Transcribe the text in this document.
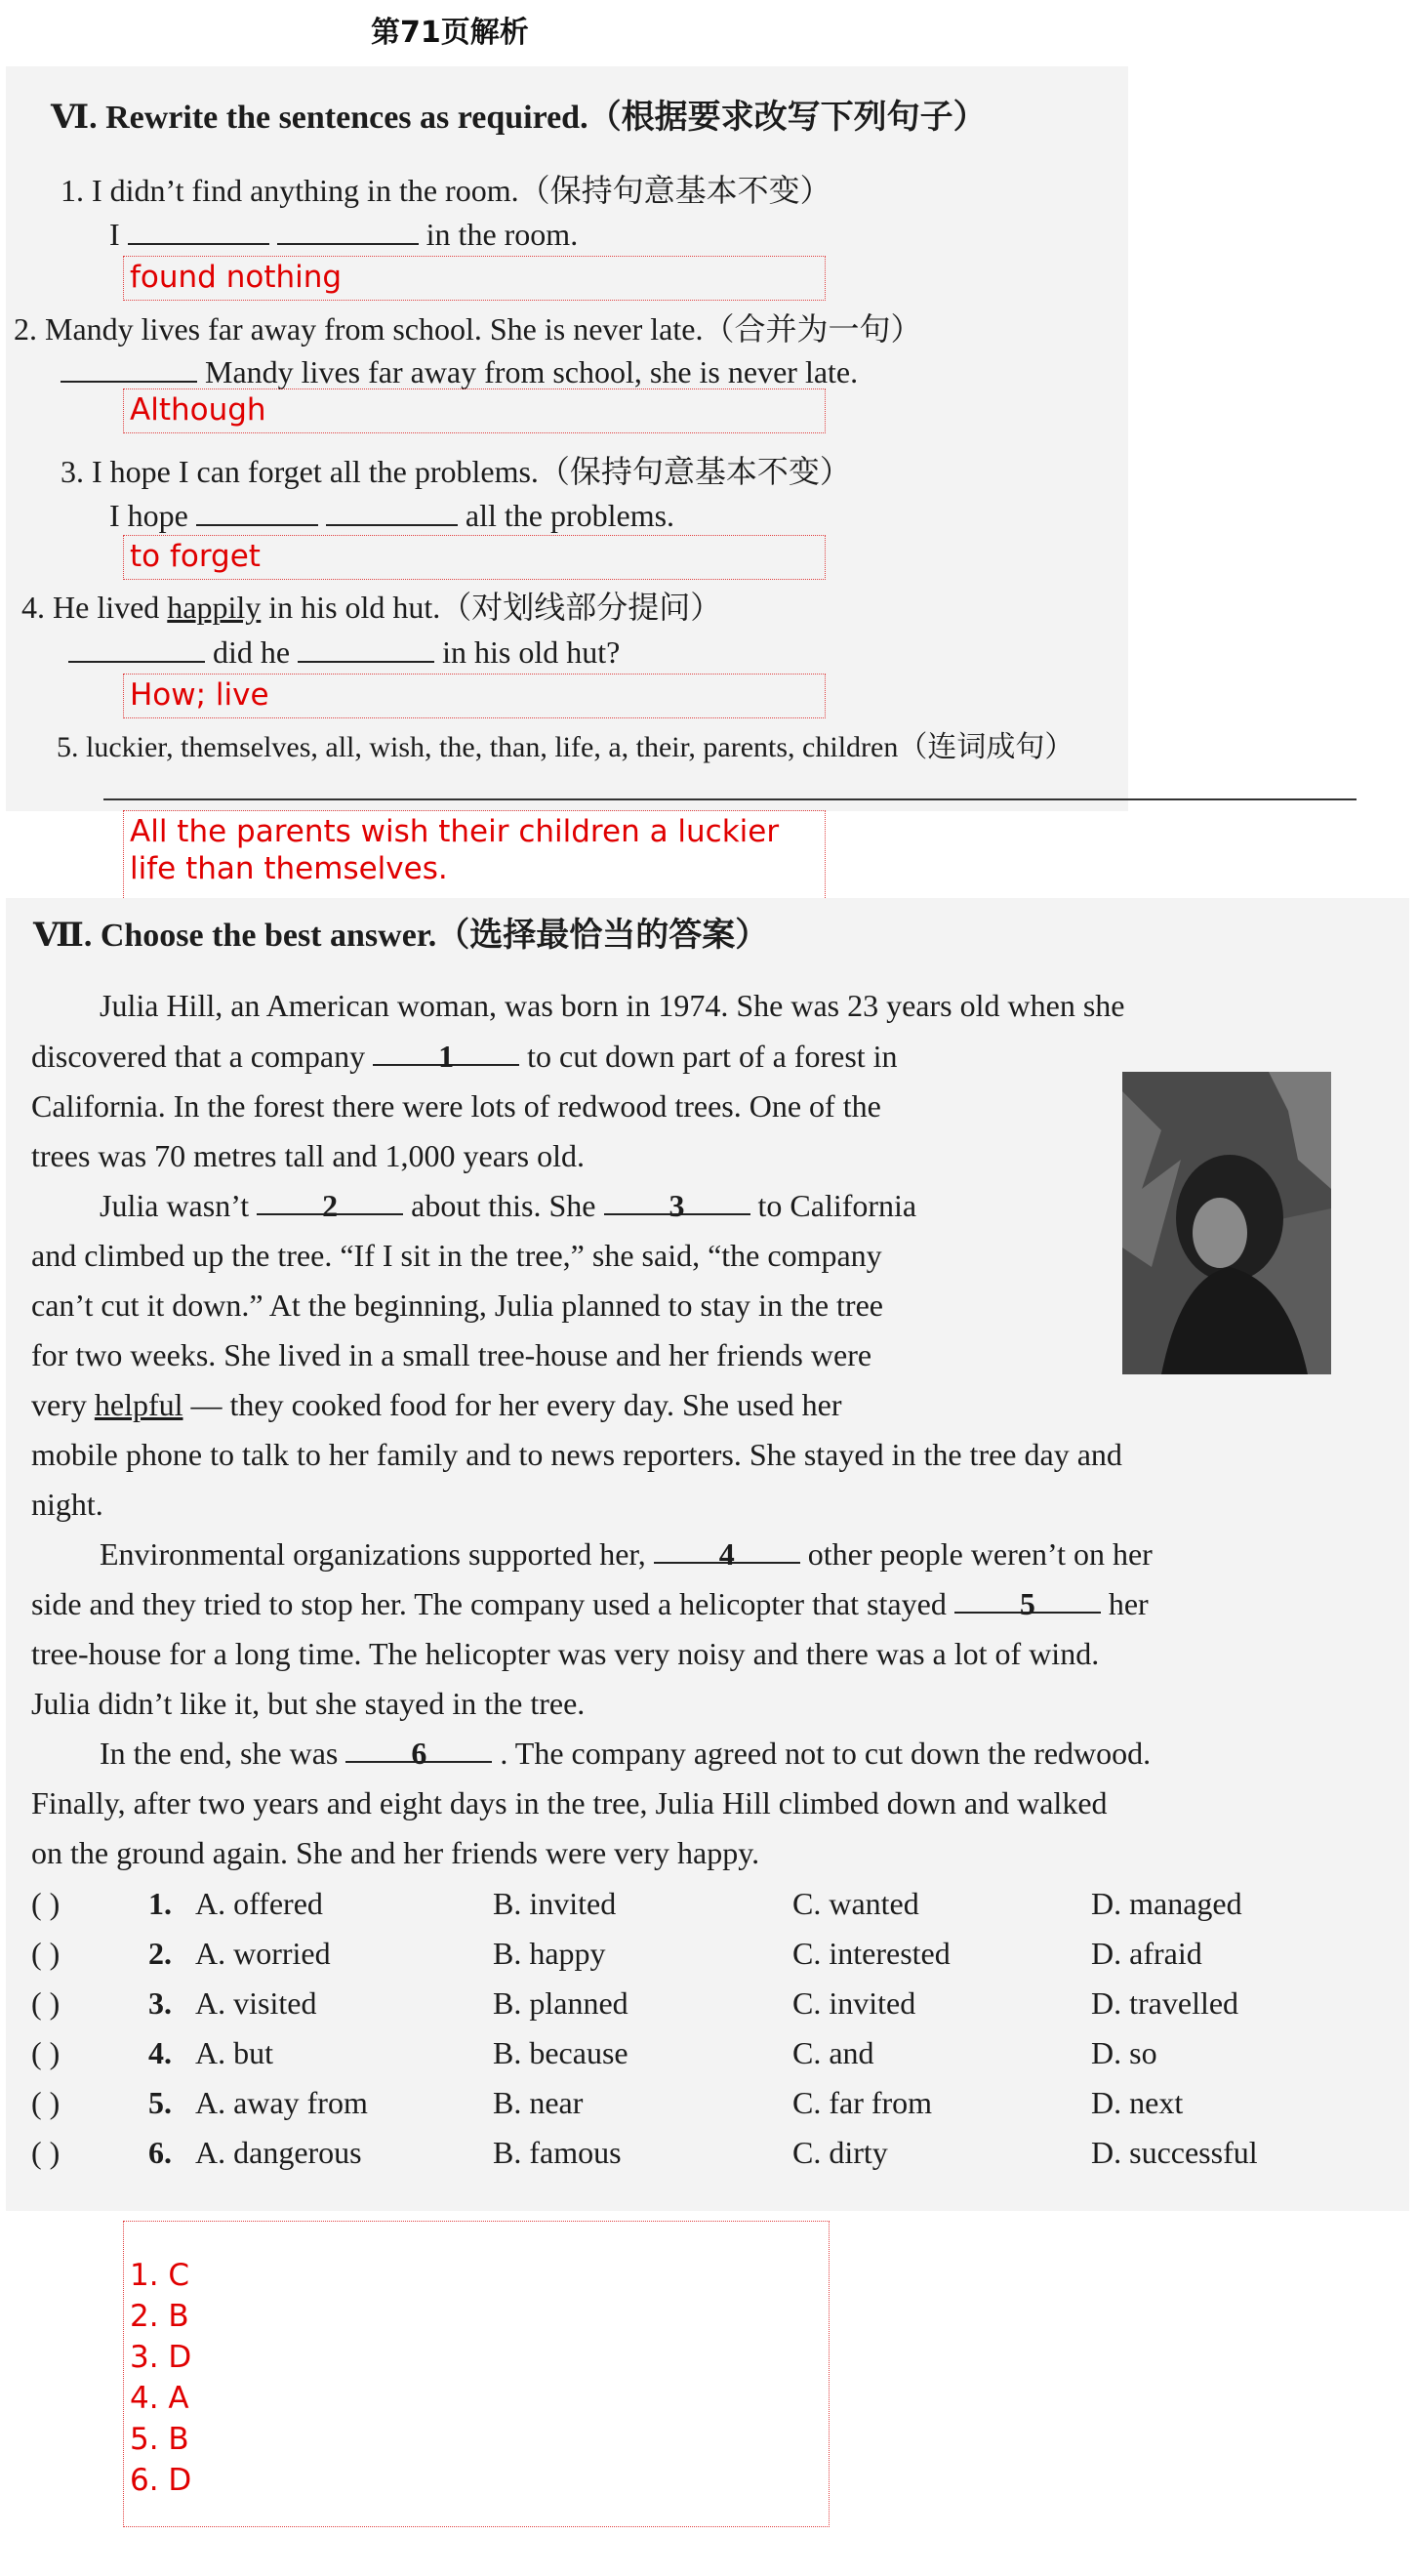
第71页解析
Ⅵ. Rewrite the sentences as required.（根据要求改写下列句子）
1. I didn’t find anything in the room.（保持句意基本不变）
I	in the room.
found nothing
2. Mandy lives far away from school. She is never late.（合并为一句）
Mandy lives far away from school, she is never late.
Although
3. I hope I can forget all the problems.（保持句意基本不变）
I hope	all the problems.
to forget
4. He lived happily in his old hut.（对划线部分提问）
did he	in his old hut?
How; live
5. luckier, themselves, all, wish, the, than, life, a, their, parents, children（连词成句）
All the parents wish their children a luckier
life than themselves.
Ⅶ. Choose the best answer.（选择最恰当的答案）
Julia Hill, an American woman, was born in 1974. She was 23 years old when she
discovered that a company 1 to cut down part of a forest in
California. In the forest there were lots of redwood trees. One of the
trees was 70 metres tall and 1,000 years old.
Julia wasn’t 2 about this. She 3 to California
and climbed up the tree. “If I sit in the tree,” she said, “the company
can’t cut it down.” At the beginning, Julia planned to stay in the tree
for two weeks. She lived in a small tree-house and her friends were
very helpful — they cooked food for her every day. She used her
mobile phone to talk to her family and to news reporters. She stayed in the tree day and
night.
Environmental organizations supported her, 4 other people weren’t on her
side and they tried to stop her. The company used a helicopter that stayed 5 her
tree-house for a long time. The helicopter was very noisy and there was a lot of wind.
Julia didn’t like it, but she stayed in the tree.
In the end, she was 6 . The company agreed not to cut down the redwood.
Finally, after two years and eight days in the tree, Julia Hill climbed down and walked
on the ground again. She and her friends were very happy.
( )	1. A. offered	B. invited	C. wanted	D. managed
( )	2. A. worried	B. happy	C. interested	D. afraid
( )	3. A. visited	B. planned	C. invited	D. travelled
( )	4. A. but	B. because	C. and	D. so
( )	5. A. away from	B. near	C. far from	D. next
( )	6. A. dangerous	B. famous	C. dirty	D. successful
1. C
2. B
3. D
4. A
5. B
6. D
